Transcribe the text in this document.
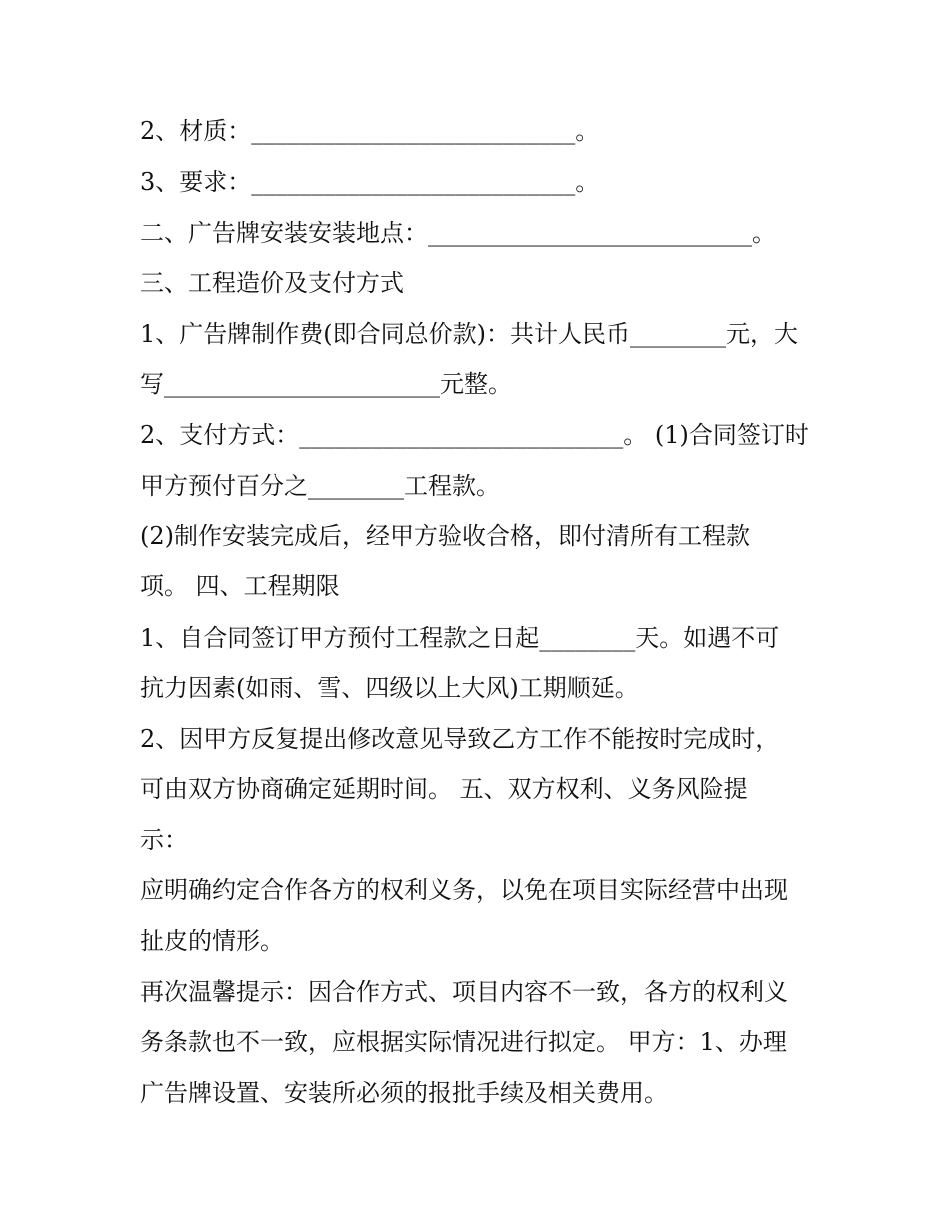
2、材质：___________________________。
3、要求：___________________________。
二、广告牌安装安装地点：___________________________。
三、工程造价及支付方式
1、广告牌制作费(即合同总价款)：共计人民币________元，大
写_______________________元整。
2、支付方式：___________________________。 (1)合同签订时
甲方预付百分之________工程款。
(2)制作安装完成后，经甲方验收合格，即付清所有工程款
项。 四、工程期限
1、自合同签订甲方预付工程款之日起________天。如遇不可
抗力因素(如雨、雪、四级以上大风)工期顺延。
2、因甲方反复提出修改意见导致乙方工作不能按时完成时，
可由双方协商确定延期时间。 五、双方权利、义务风险提
示：
应明确约定合作各方的权利义务，以免在项目实际经营中出现
扯皮的情形。
再次温馨提示：因合作方式、项目内容不一致，各方的权利义
务条款也不一致，应根据实际情况进行拟定。 甲方：1、办理
广告牌设置、安装所必须的报批手续及相关费用。
